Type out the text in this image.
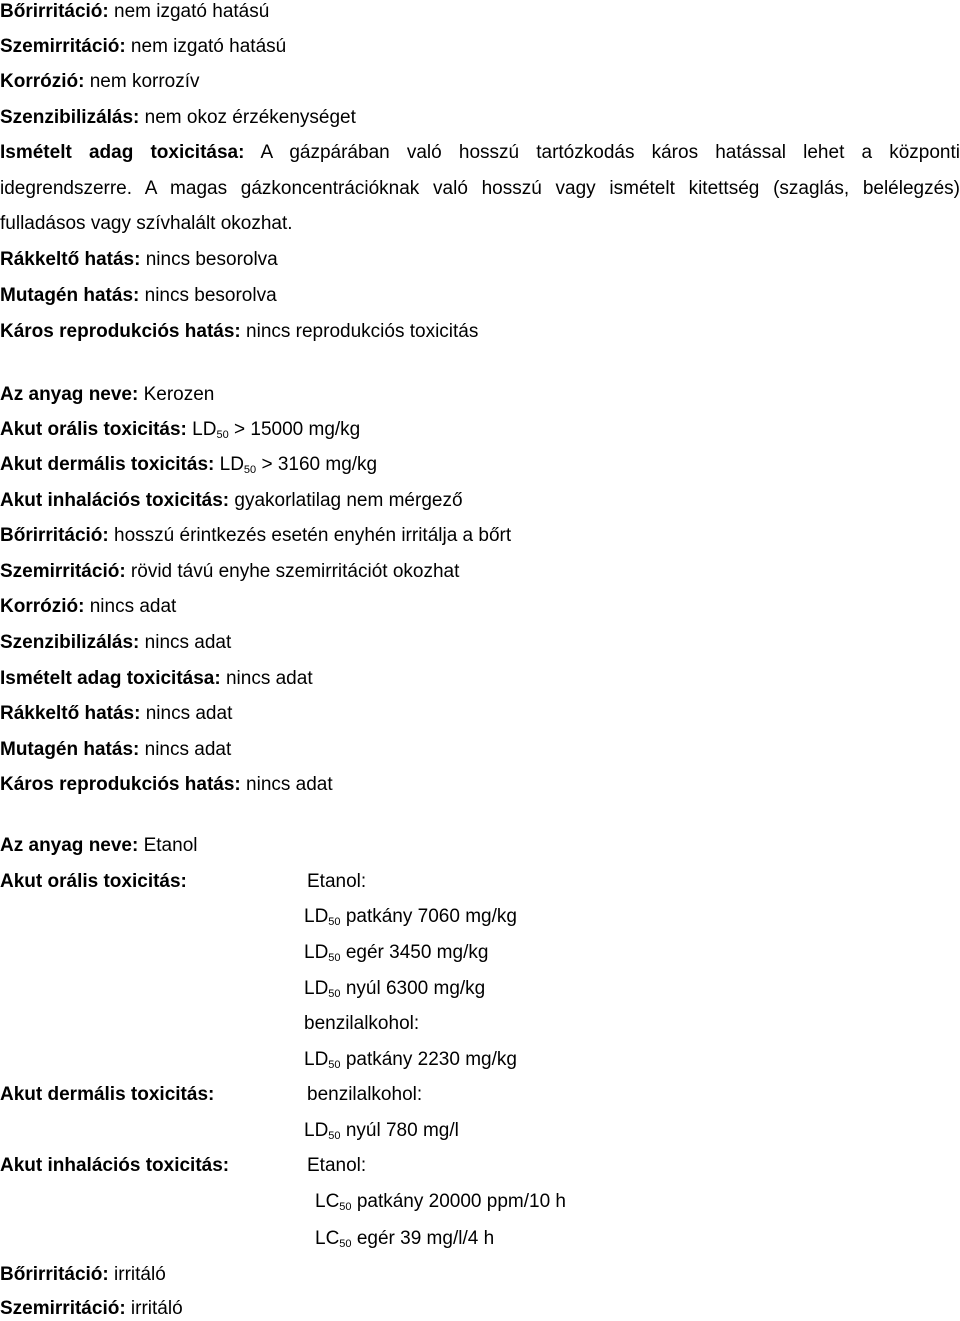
Bőrirritáció: nem izgató hatású
Szemirritáció: nem izgató hatású
Korrózió: nem korrozív
Szenzibilizálás: nem okoz érzékenységet
Ismételt adag toxicitása: A gázpárában való hosszú tartózkodás káros hatással lehet a központi
idegrendszerre. A magas gázkoncentrációknak való hosszú vagy ismételt kitettség (szaglás, belélegzés)
fulladásos vagy szívhalált okozhat.
Rákkeltő hatás: nincs besorolva
Mutagén hatás: nincs besorolva
Káros reprodukciós hatás: nincs reprodukciós toxicitás
Az anyag neve: Kerozen
Akut orális toxicitás: $LD_{50} > 15000$ mg/kg
Akut dermális toxicitás: $LD_{50} > 3160$ mg/kg
Akut inhalációs toxicitás: gyakorlatilag nem mérgező
Bőrirritáció: hosszú érintkezés esetén enyhén irritálja a bőrt
Szemirritáció: rövid távú enyhe szemirritációt okozhat
Korrózió: nincs adat
Szenzibilizálás: nincs adat
Ismételt adag toxicitása: nincs adat
Rákkeltő hatás: nincs adat
Mutagén hatás: nincs adat
Káros reprodukciós hatás: nincs adat
Az anyag neve: Etanol
Akut orális toxicitás:	Etanol:
$LD_{50}$ patkány 7060 mg/kg
$LD_{50}$ egér 3450 mg/kg
$LD_{50}$ nyúl 6300 mg/kg
benzilalkohol:
$LD_{50}$ patkány 2230 mg/kg
Akut dermális toxicitás:	benzilalkohol:
$LD_{50}$ nyúl 780 mg/l
Akut inhalációs toxicitás:	Etanol:
$LC_{50}$ patkány 20000 ppm/10 h
$LC_{50}$ egér 39 mg/l/4 h
Bőrirritáció: irritáló
Szemirritáció: irritáló
